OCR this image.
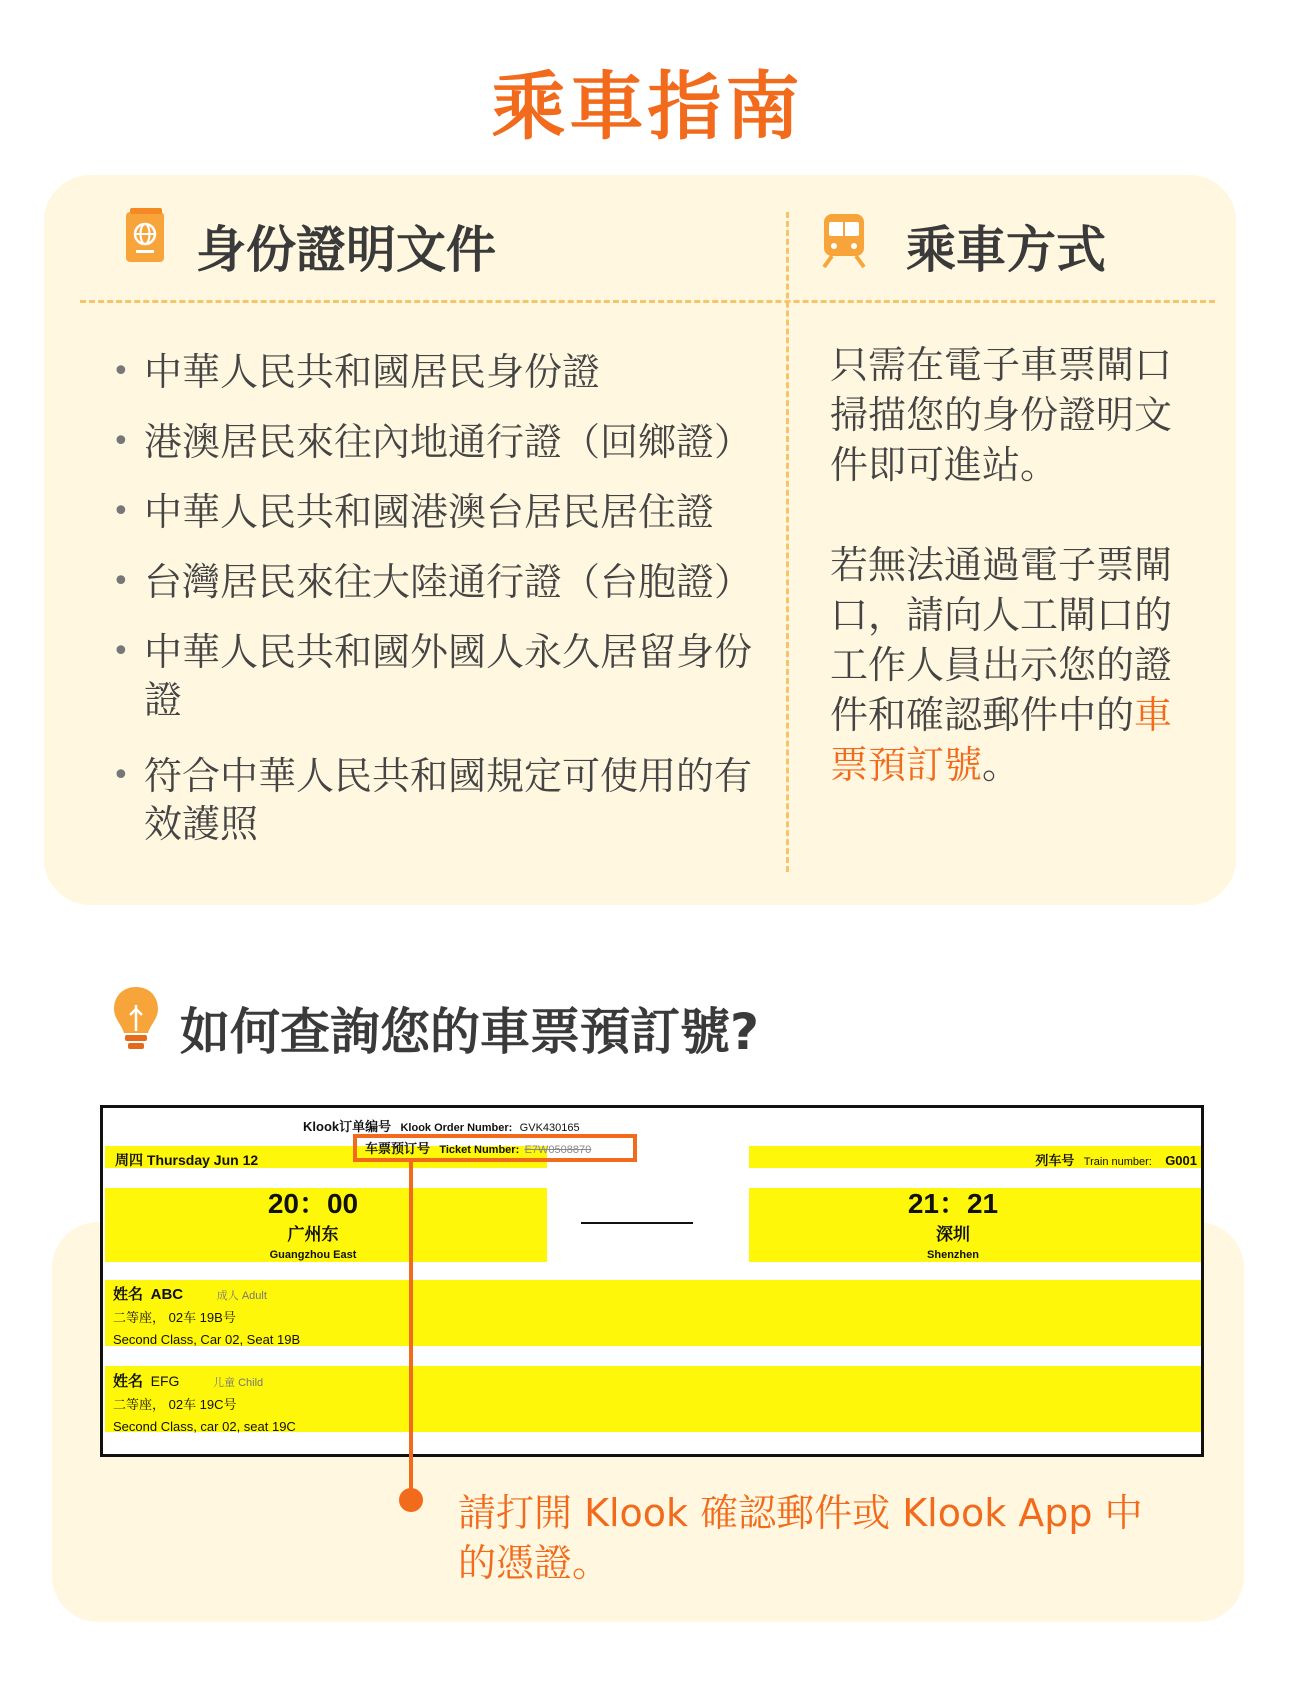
乘車指南
身份證明文件	乘車方式
• 中華人民共和國居民身份證
• 港澳居民來往內地通行證（回鄉證）
• 中華人民共和國港澳台居民居住證
• 台灣居民來往大陸通行證（台胞證）
• 中華人民共和國外國人永久居留身份證
• 符合中華人民共和國規定可使用的有效護照
只需在電子車票閘口掃描您的身份證明文件即可進站。
若無法通過電子票閘口，請向人工閘口的工作人員出示您的證件和確認郵件中的車票預訂號。
如何查詢您的車票預訂號?
Klook订单编号 Klook Order Number: GVK430165
车票预订号 Ticket Number: E7W0508870
周四 Thursday Jun 12	列车号 Train number: G001
20：00
广州东
Guangzhou East
21：21
深圳
Shenzhen
姓名 ABC	成人 Adult
二等座， 02车 19B号
Second Class, Car 02, Seat 19B
姓名 EFG	儿童 Child
二等座， 02车 19C号
Second Class, car 02, seat 19C
請打開 Klook 確認郵件或 Klook App 中的憑證。
